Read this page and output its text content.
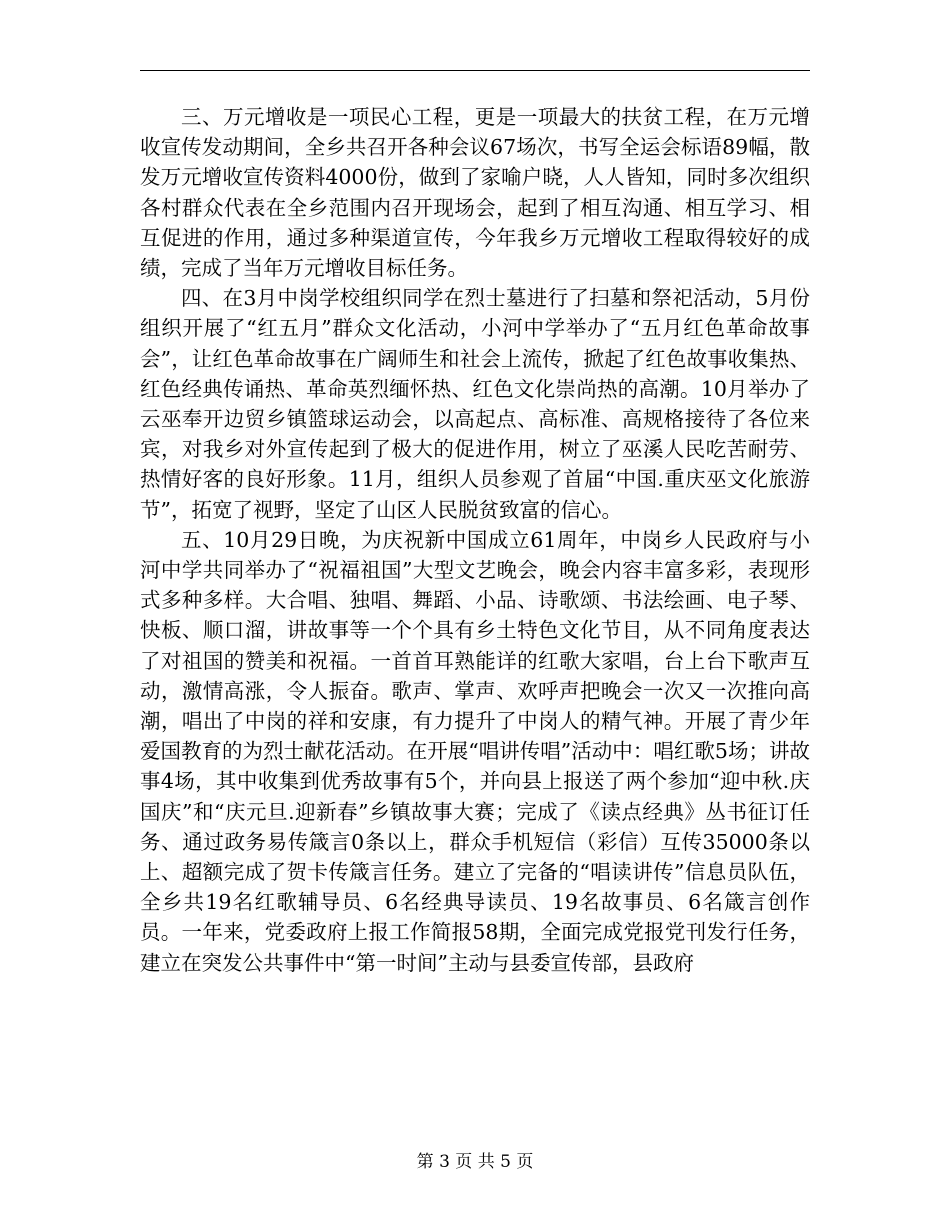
三、万元增收是一项民心工程，更是一项最大的扶贫工程，在万元增收宣传发动期间，全乡共召开各种会议67场次，书写全运会标语89幅，散发万元增收宣传资料4000份，做到了家喻户晓，人人皆知，同时多次组织各村群众代表在全乡范围内召开现场会，起到了相互沟通、相互学习、相互促进的作用，通过多种渠道宣传，今年我乡万元增收工程取得较好的成绩，完成了当年万元增收目标任务。

四、在3月中岗学校组织同学在烈士墓进行了扫墓和祭祀活动，5月份组织开展了“红五月”群众文化活动，小河中学举办了“五月红色革命故事会”，让红色革命故事在广阔师生和社会上流传，掀起了红色故事收集热、红色经典传诵热、革命英烈缅怀热、红色文化崇尚热的高潮。10月举办了云巫奉开边贸乡镇篮球运动会，以高起点、高标准、高规格接待了各位来宾，对我乡对外宣传起到了极大的促进作用，树立了巫溪人民吃苦耐劳、热情好客的良好形象。11月，组织人员参观了首届“中国.重庆巫文化旅游节”，拓宽了视野，坚定了山区人民脱贫致富的信心。

五、10月29日晚，为庆祝新中国成立61周年，中岗乡人民政府与小河中学共同举办了“祝福祖国”大型文艺晚会，晚会内容丰富多彩，表现形式多种多样。大合唱、独唱、舞蹈、小品、诗歌颂、书法绘画、电子琴、快板、顺口溜，讲故事等一个个具有乡土特色文化节目，从不同角度表达了对祖国的赞美和祝福。一首首耳熟能详的红歌大家唱，台上台下歌声互动，激情高涨，令人振奋。歌声、掌声、欢呼声把晚会一次又一次推向高潮，唱出了中岗的祥和安康，有力提升了中岗人的精气神。开展了青少年爱国教育的为烈士献花活动。在开展“唱讲传唱”活动中：唱红歌5场；讲故事4场，其中收集到优秀故事有5个，并向县上报送了两个参加“迎中秋.庆国庆”和“庆元旦.迎新春”乡镇故事大赛；完成了《读点经典》丛书征订任务、通过政务易传箴言0条以上，群众手机短信（彩信）互传35000条以上、超额完成了贺卡传箴言任务。建立了完备的“唱读讲传”信息员队伍，全乡共19名红歌辅导员、6名经典导读员、19名故事员、6名箴言创作员。一年来，党委政府上报工作简报58期，全面完成党报党刊发行任务，建立在突发公共事件中“第一时间”主动与县委宣传部，县政府

第 3 页 共 5 页
